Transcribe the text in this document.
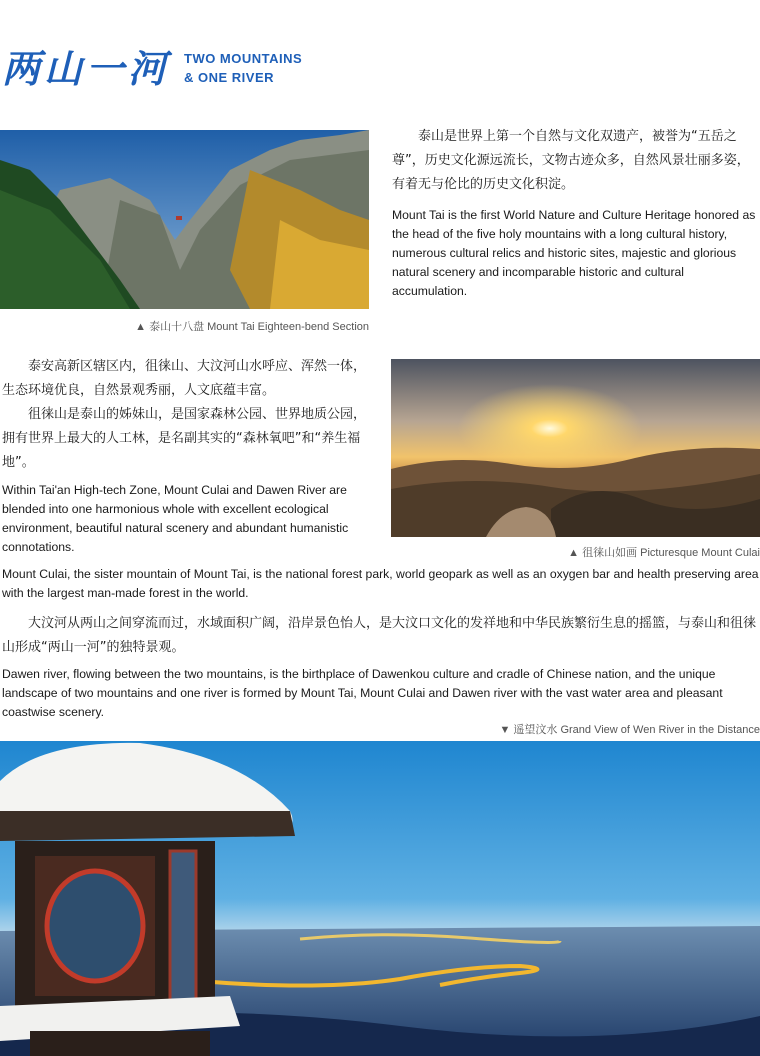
两山一河 TWO MOUNTAINS
& ONE RIVER
▲ 泰山十八盘 Mount Tai Eighteen-bend Section

泰山是世界上第一个自然与文化双遗产，被誉为“五岳之尊”，历史文化源远流长，文物古迹众多，自然风景壮丽多姿，有着无与伦比的历史文化积淀。

Mount Tai is the first World Nature and Culture Heritage honored as the head of the five holy mountains with a long cultural history, numerous cultural relics and historic sites, majestic and glorious natural scenery and incomparable historic and cultural accumulation.

泰安高新区辖区内，徂徕山、大汶河山水呼应、浑然一体，生态环境优良，自然景观秀丽，人文底蕴丰富。

徂徕山是泰山的姊妹山，是国家森林公园、世界地质公园，拥有世界上最大的人工林，是名副其实的“森林氧吧”和“养生福地”。

Within Tai'an High-tech Zone, Mount Culai and Dawen River are blended into one harmonious whole with excellent ecological environment, beautiful natural scenery and abundant humanistic connotations.	▲ 徂徕山如画 Picturesque Mount Culai

Mount Culai, the sister mountain of Mount Tai, is the national forest park, world geopark as well as an oxygen bar and health preserving area with the largest man-made forest in the world.

大汶河从两山之间穿流而过，水域面积广阔，沿岸景色怡人，是大汶口文化的发祥地和中华民族繁衍生息的摇篮，与泰山和徂徕山形成“两山一河”的独特景观。

Dawen river, flowing between the two mountains, is the birthplace of Dawenkou culture and cradle of Chinese nation, and the unique landscape of two mountains and one river is formed by Mount Tai, Mount Culai and Dawen river with the vast water area and pleasant coastwise scenery.

▼ 遥望汶水 Grand View of Wen River in the Distance
